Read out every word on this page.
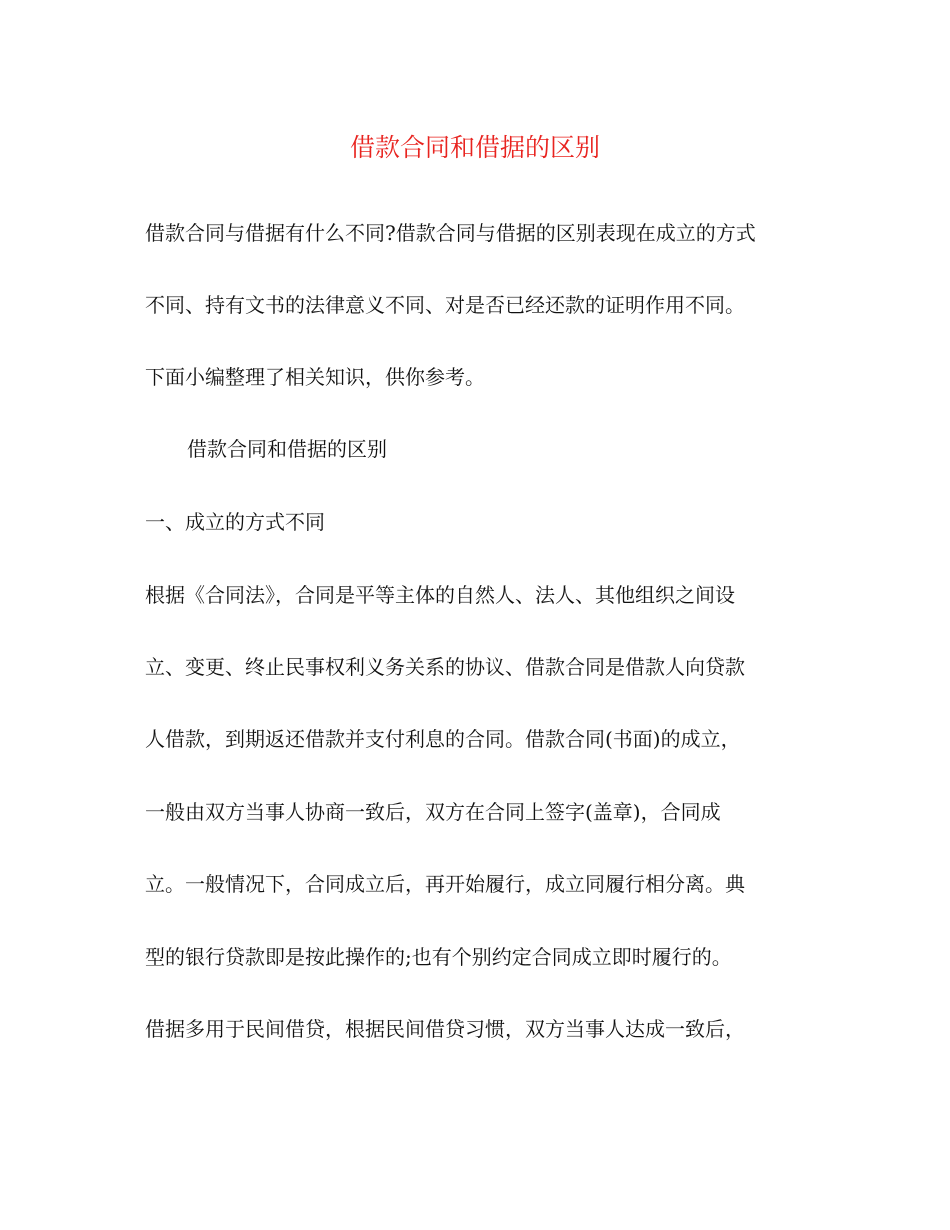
借款合同和借据的区别

借款合同与借据有什么不同?借款合同与借据的区别表现在成立的方式

不同、持有文书的法律意义不同、对是否已经还款的证明作用不同。

下面小编整理了相关知识，供你参考。

借款合同和借据的区别

一、成立的方式不同

根据《合同法》，合同是平等主体的自然人、法人、其他组织之间设

立、变更、终止民事权利义务关系的协议、借款合同是借款人向贷款

人借款，到期返还借款并支付利息的合同。借款合同(书面)的成立，

一般由双方当事人协商一致后，双方在合同上签字(盖章)，合同成

立。一般情况下，合同成立后，再开始履行，成立同履行相分离。典

型的银行贷款即是按此操作的;也有个别约定合同成立即时履行的。

借据多用于民间借贷，根据民间借贷习惯，双方当事人达成一致后，
